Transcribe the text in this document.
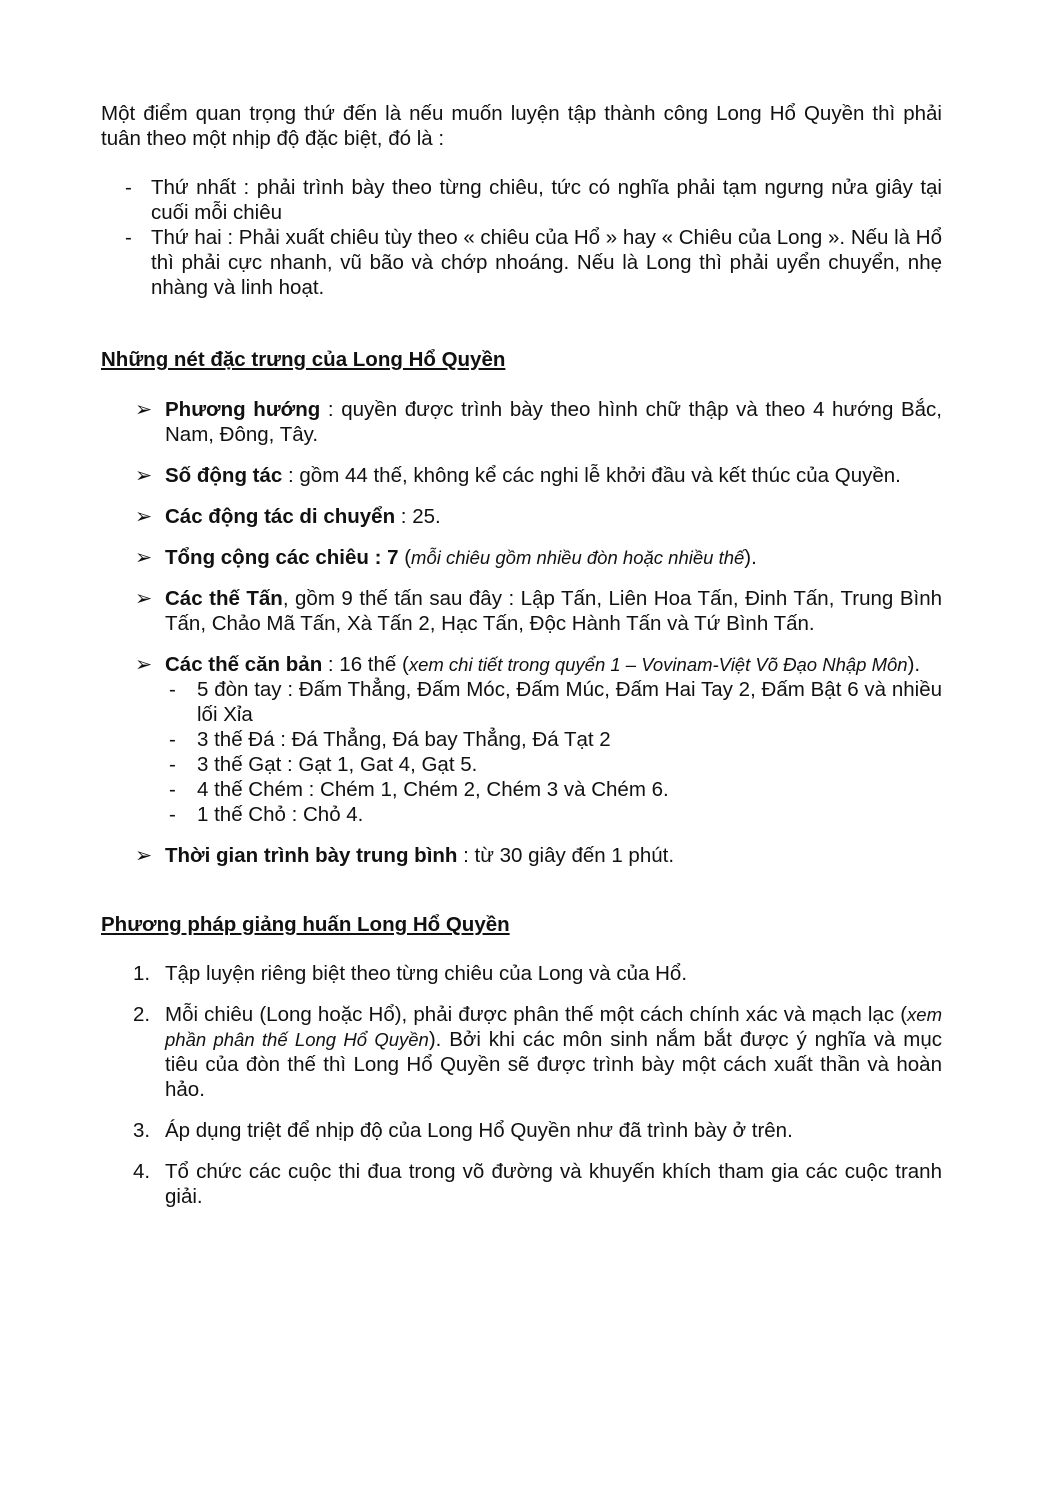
Một điểm quan trọng thứ đến là nếu muốn luyện tập thành công Long Hổ Quyền thì phải tuân theo một nhịp độ đặc biệt, đó là :

- Thứ nhất : phải trình bày theo từng chiêu, tức có nghĩa phải tạm ngưng nửa giây tại cuối mỗi chiêu
- Thứ hai : Phải xuất chiêu tùy theo « chiêu của Hổ » hay « Chiêu của Long ». Nếu là Hổ thì phải cực nhanh, vũ bão và chớp nhoáng. Nếu là Long thì phải uyển chuyển, nhẹ nhàng và linh hoạt.

Những nét đặc trưng của Long Hổ Quyền

➢ Phương hướng : quyền được trình bày theo hình chữ thập và theo 4 hướng Bắc, Nam, Đông, Tây.
➢ Số động tác : gồm 44 thế, không kể các nghi lễ khởi đầu và kết thúc của Quyền.
➢ Các động tác di chuyển : 25.
➢ Tổng cộng các chiêu : 7 (mỗi chiêu gồm nhiều đòn hoặc nhiều thế).
➢ Các thế Tấn, gồm 9 thế tấn sau đây : Lập Tấn, Liên Hoa Tấn, Đinh Tấn, Trung Bình Tấn, Chảo Mã Tấn, Xà Tấn 2, Hạc Tấn, Độc Hành Tấn và Tứ Bình Tấn.
➢ Các thế căn bản : 16 thế (xem chi tiết trong quyển 1 – Vovinam-Việt Võ Đạo Nhập Môn).
- 5 đòn tay : Đấm Thẳng, Đấm Móc, Đấm Múc, Đấm Hai Tay 2, Đấm Bật 6 và nhiều lối Xỉa
- 3 thế Đá : Đá Thẳng, Đá bay Thẳng, Đá Tạt 2
- 3 thế Gạt : Gạt 1, Gat 4, Gạt 5.
- 4 thế Chém : Chém 1, Chém 2, Chém 3 và Chém 6.
- 1 thế Chỏ : Chỏ 4.
➢ Thời gian trình bày trung bình : từ 30 giây đến 1 phút.

Phương pháp giảng huấn Long Hổ Quyền

1. Tập luyện riêng biệt theo từng chiêu của Long và của Hổ.
2. Mỗi chiêu (Long hoặc Hổ), phải được phân thế một cách chính xác và mạch lạc (xem phần phân thế Long Hổ Quyền). Bởi khi các môn sinh nắm bắt được ý nghĩa và mục tiêu của đòn thế thì Long Hổ Quyền sẽ được trình bày một cách xuất thần và hoàn hảo.
3. Áp dụng triệt để nhịp độ của Long Hổ Quyền như đã trình bày ở trên.
4. Tổ chức các cuộc thi đua trong võ đường và khuyến khích tham gia các cuộc tranh giải.
